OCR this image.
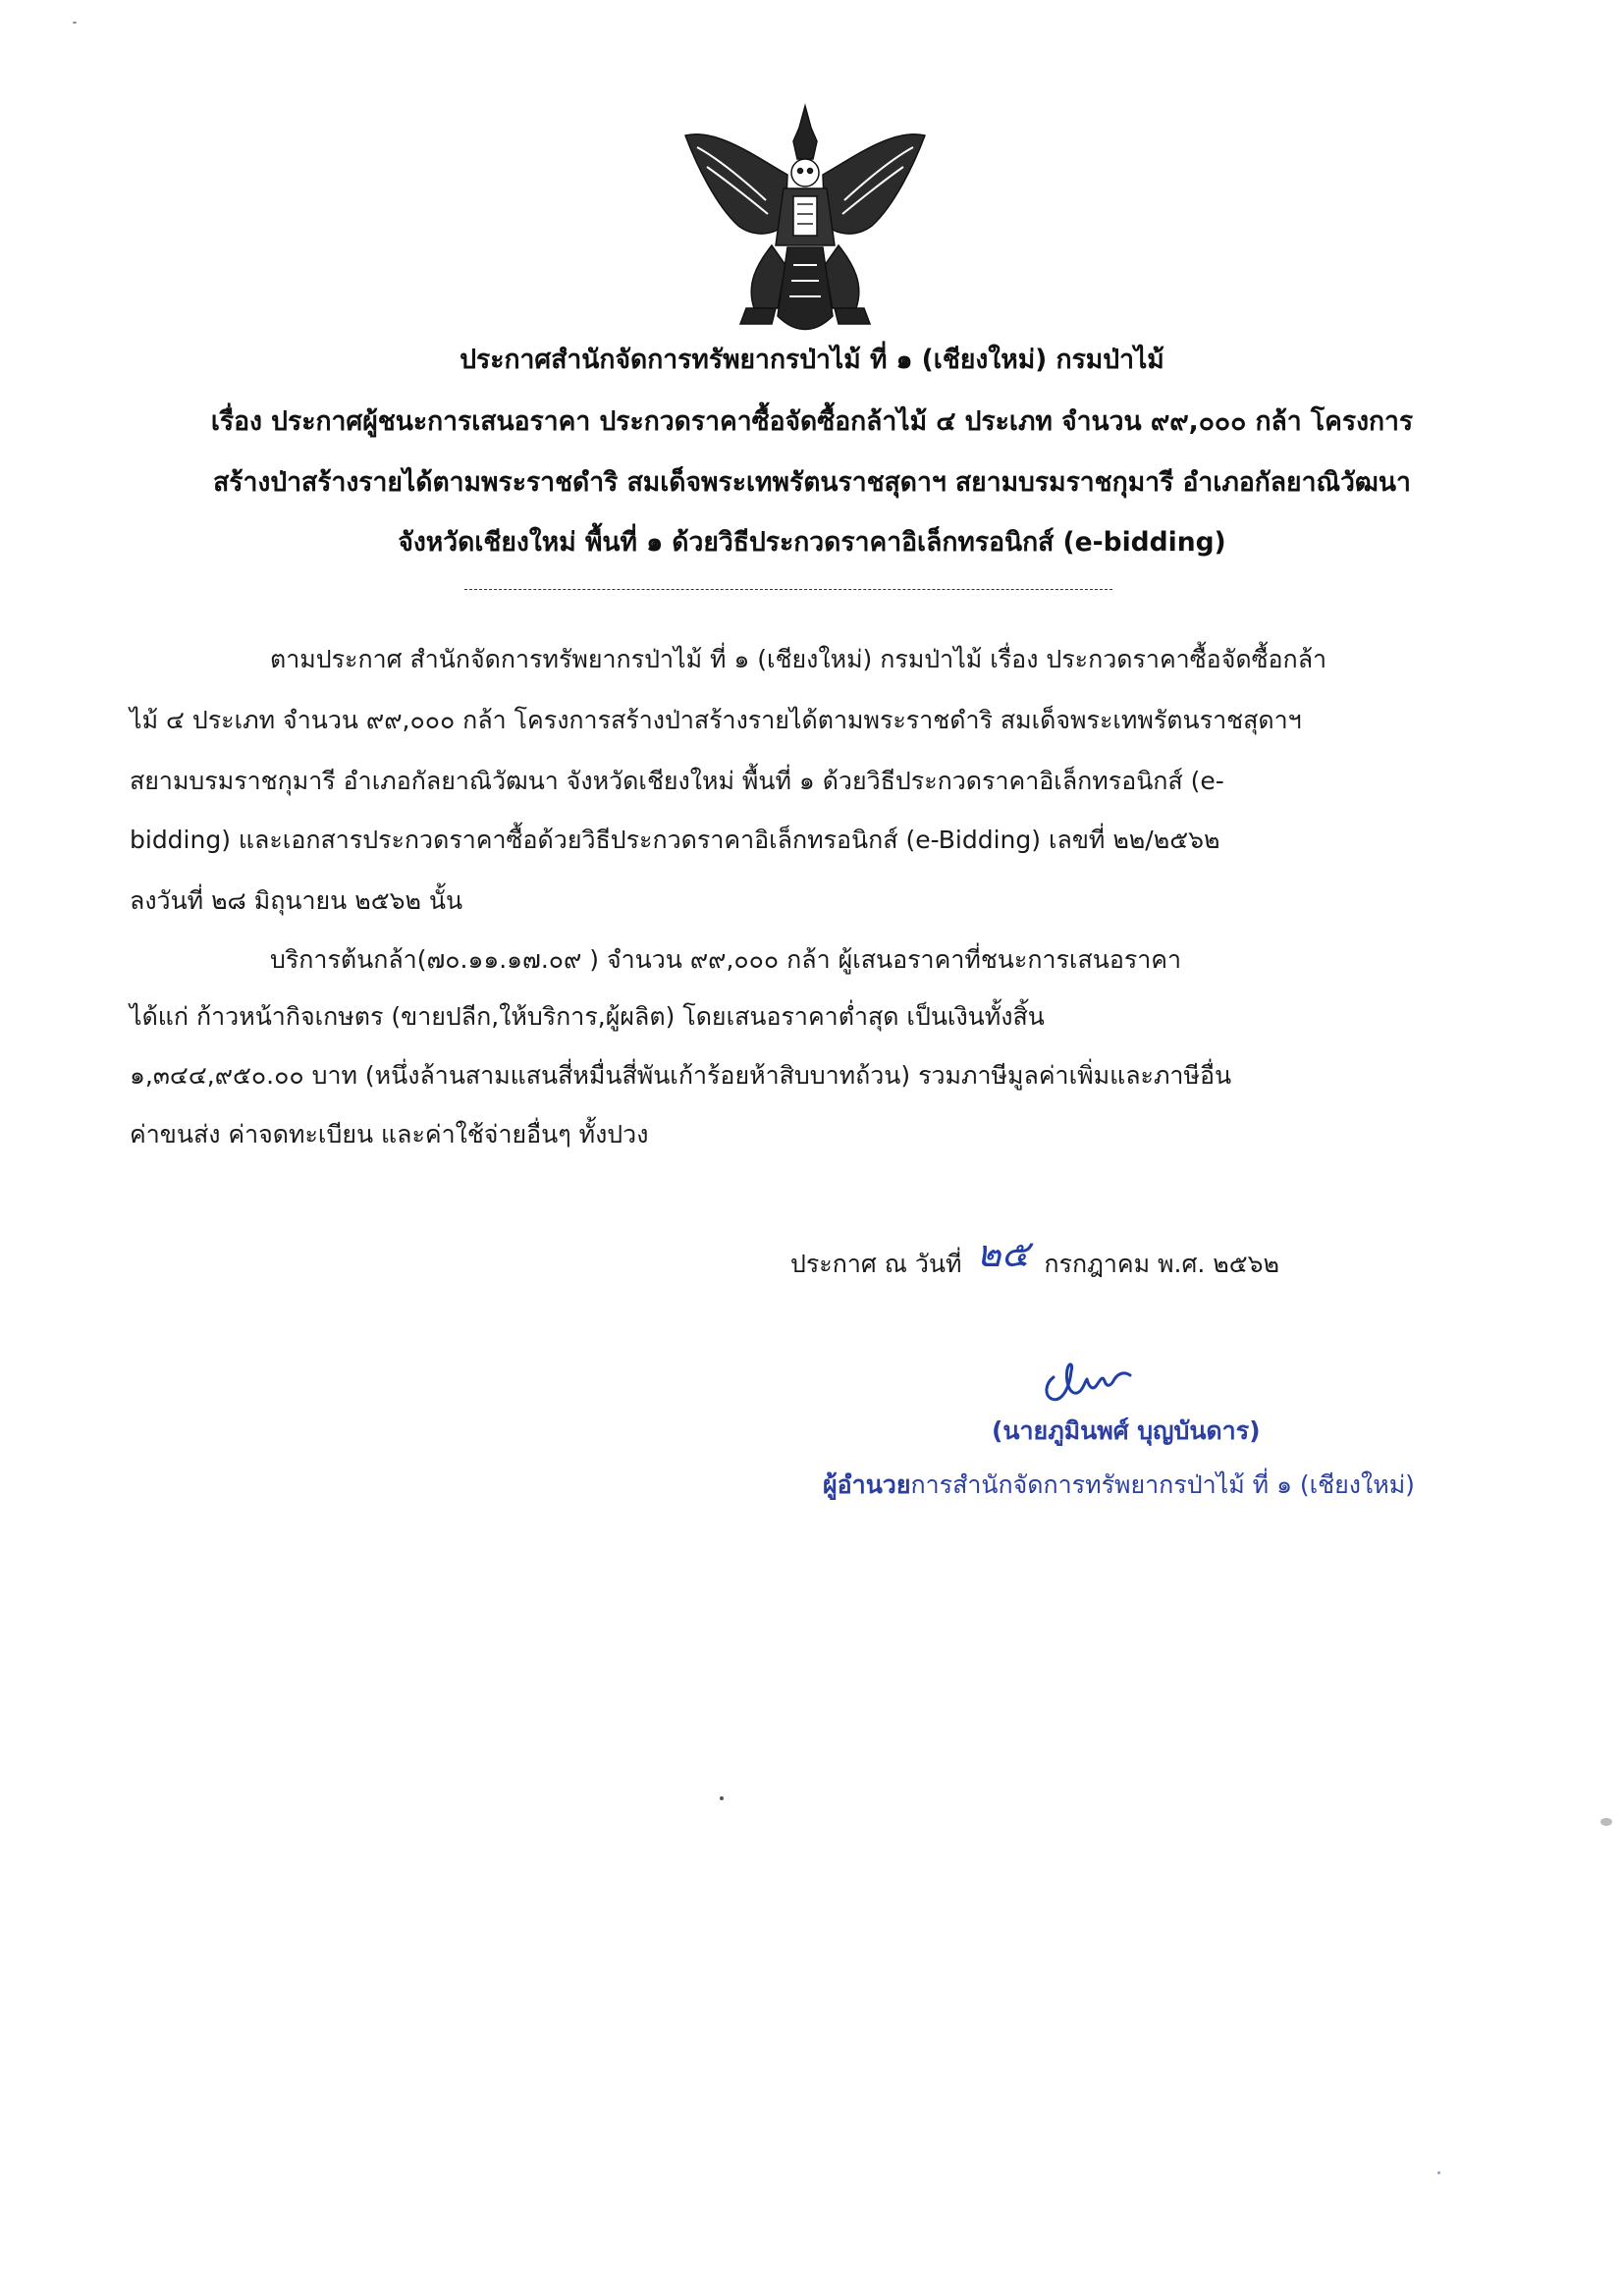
ประกาศสำนักจัดการทรัพยากรป่าไม้ ที่ ๑ (เชียงใหม่) กรมป่าไม้
เรื่อง ประกาศผู้ชนะการเสนอราคา ประกวดราคาซื้อจัดซื้อกล้าไม้ ๔ ประเภท จำนวน ๙๙,๐๐๐ กล้า โครงการ
สร้างป่าสร้างรายได้ตามพระราชดำริ สมเด็จพระเทพรัตนราชสุดาฯ สยามบรมราชกุมารี อำเภอกัลยาณิวัฒนา
จังหวัดเชียงใหม่ พื้นที่ ๑ ด้วยวิธีประกวดราคาอิเล็กทรอนิกส์ (e-bidding)
ตามประกาศ สำนักจัดการทรัพยากรป่าไม้ ที่ ๑ (เชียงใหม่) กรมป่าไม้ เรื่อง ประกวดราคาซื้อจัดซื้อกล้า
ไม้ ๔ ประเภท จำนวน ๙๙,๐๐๐ กล้า โครงการสร้างป่าสร้างรายได้ตามพระราชดำริ สมเด็จพระเทพรัตนราชสุดาฯ
สยามบรมราชกุมารี อำเภอกัลยาณิวัฒนา จังหวัดเชียงใหม่ พื้นที่ ๑ ด้วยวิธีประกวดราคาอิเล็กทรอนิกส์ (e-
bidding) และเอกสารประกวดราคาซื้อด้วยวิธีประกวดราคาอิเล็กทรอนิกส์ (e-Bidding) เลขที่ ๒๒/๒๕๖๒
ลงวันที่ ๒๘ มิถุนายน ๒๕๖๒ นั้น
บริการต้นกล้า(๗๐.๑๑.๑๗.๐๙ ) จำนวน ๙๙,๐๐๐ กล้า ผู้เสนอราคาที่ชนะการเสนอราคา
ได้แก่ ก้าวหน้ากิจเกษตร (ขายปลีก,ให้บริการ,ผู้ผลิต) โดยเสนอราคาต่ำสุด เป็นเงินทั้งสิ้น
๑,๓๔๔,๙๕๐.๐๐ บาท (หนึ่งล้านสามแสนสี่หมื่นสี่พันเก้าร้อยห้าสิบบาทถ้วน) รวมภาษีมูลค่าเพิ่มและภาษีอื่น
ค่าขนส่ง ค่าจดทะเบียน และค่าใช้จ่ายอื่นๆ ทั้งปวง
ประกาศ ณ วันที่ ๒๕ กรกฎาคม พ.ศ. ๒๕๖๒
(นายภูมินพศ์ บุญบันดาร)
ผู้อำนวยการสำนักจัดการทรัพยากรป่าไม้ ที่ ๑ (เชียงใหม่)
